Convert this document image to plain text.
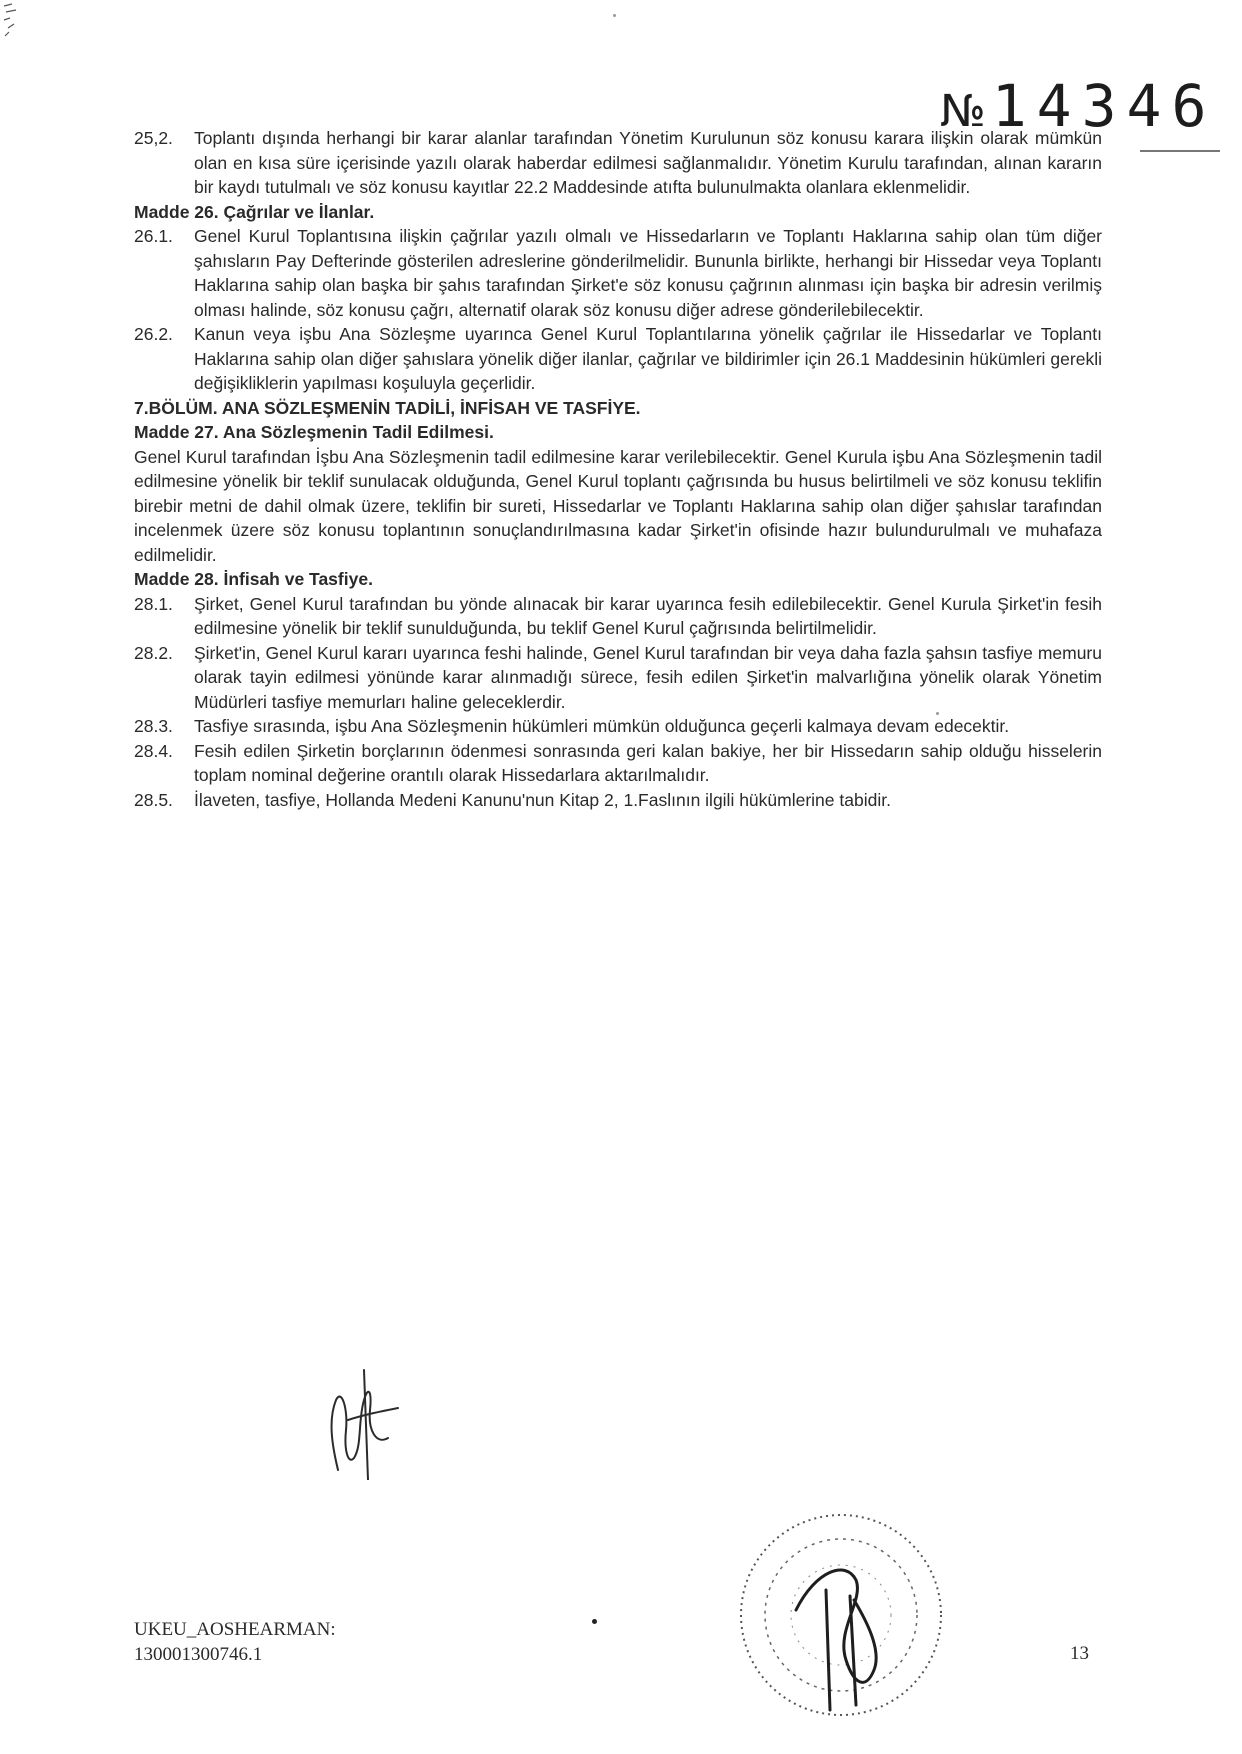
№ 14346
25,2.	Toplantı dışında herhangi bir karar alanlar tarafından Yönetim Kurulunun söz konusu karara ilişkin olarak mümkün olan en kısa süre içerisinde yazılı olarak haberdar edilmesi sağlanmalıdır. Yönetim Kurulu tarafından, alınan kararın bir kaydı tutulmalı ve söz konusu kayıtlar 22.2 Maddesinde atıfta bulunulmakta olanlara eklenmelidir.

Madde 26. Çağrılar ve İlanlar.

26.1.	Genel Kurul Toplantısına ilişkin çağrılar yazılı olmalı ve Hissedarların ve Toplantı Haklarına sahip olan tüm diğer şahısların Pay Defterinde gösterilen adreslerine gönderilmelidir. Bununla birlikte, herhangi bir Hissedar veya Toplantı Haklarına sahip olan başka bir şahıs tarafından Şirket'e söz konusu çağrının alınması için başka bir adresin verilmiş olması halinde, söz konusu çağrı, alternatif olarak söz konusu diğer adrese gönderilebilecektir.
26.2.	Kanun veya işbu Ana Sözleşme uyarınca Genel Kurul Toplantılarına yönelik çağrılar ile Hissedarlar ve Toplantı Haklarına sahip olan diğer şahıslara yönelik diğer ilanlar, çağrılar ve bildirimler için 26.1 Maddesinin hükümleri gerekli değişikliklerin yapılması koşuluyla geçerlidir.

7.BÖLÜM. ANA SÖZLEŞMENİN TADİLİ, İNFİSAH VE TASFİYE.

Madde 27. Ana Sözleşmenin Tadil Edilmesi.

Genel Kurul tarafından İşbu Ana Sözleşmenin tadil edilmesine karar verilebilecektir. Genel Kurula işbu Ana Sözleşmenin tadil edilmesine yönelik bir teklif sunulacak olduğunda, Genel Kurul toplantı çağrısında bu husus belirtilmeli ve söz konusu teklifin birebir metni de dahil olmak üzere, teklifin bir sureti, Hissedarlar ve Toplantı Haklarına sahip olan diğer şahıslar tarafından incelenmek üzere söz konusu toplantının sonuçlandırılmasına kadar Şirket'in ofisinde hazır bulundurulmalı ve muhafaza edilmelidir.

Madde 28. İnfisah ve Tasfiye.

28.1.	Şirket, Genel Kurul tarafından bu yönde alınacak bir karar uyarınca fesih edilebilecektir. Genel Kurula Şirket'in fesih edilmesine yönelik bir teklif sunulduğunda, bu teklif Genel Kurul çağrısında belirtilmelidir.
28.2.	Şirket'in, Genel Kurul kararı uyarınca feshi halinde, Genel Kurul tarafından bir veya daha fazla şahsın tasfiye memuru olarak tayin edilmesi yönünde karar alınmadığı sürece, fesih edilen Şirket'in malvarlığına yönelik olarak Yönetim Müdürleri tasfiye memurları haline geleceklerdir.
28.3.	Tasfiye sırasında, işbu Ana Sözleşmenin hükümleri mümkün olduğunca geçerli kalmaya devam edecektir.
28.4.	Fesih edilen Şirketin borçlarının ödenmesi sonrasında geri kalan bakiye, her bir Hissedarın sahip olduğu hisselerin toplam nominal değerine orantılı olarak Hissedarlara aktarılmalıdır.
28.5.	İlaveten, tasfiye, Hollanda Medeni Kanunu'nun Kitap 2, 1.Faslının ilgili hükümlerine tabidir.
UKEU_AOSHEARMAN:
130001300746.1	13
